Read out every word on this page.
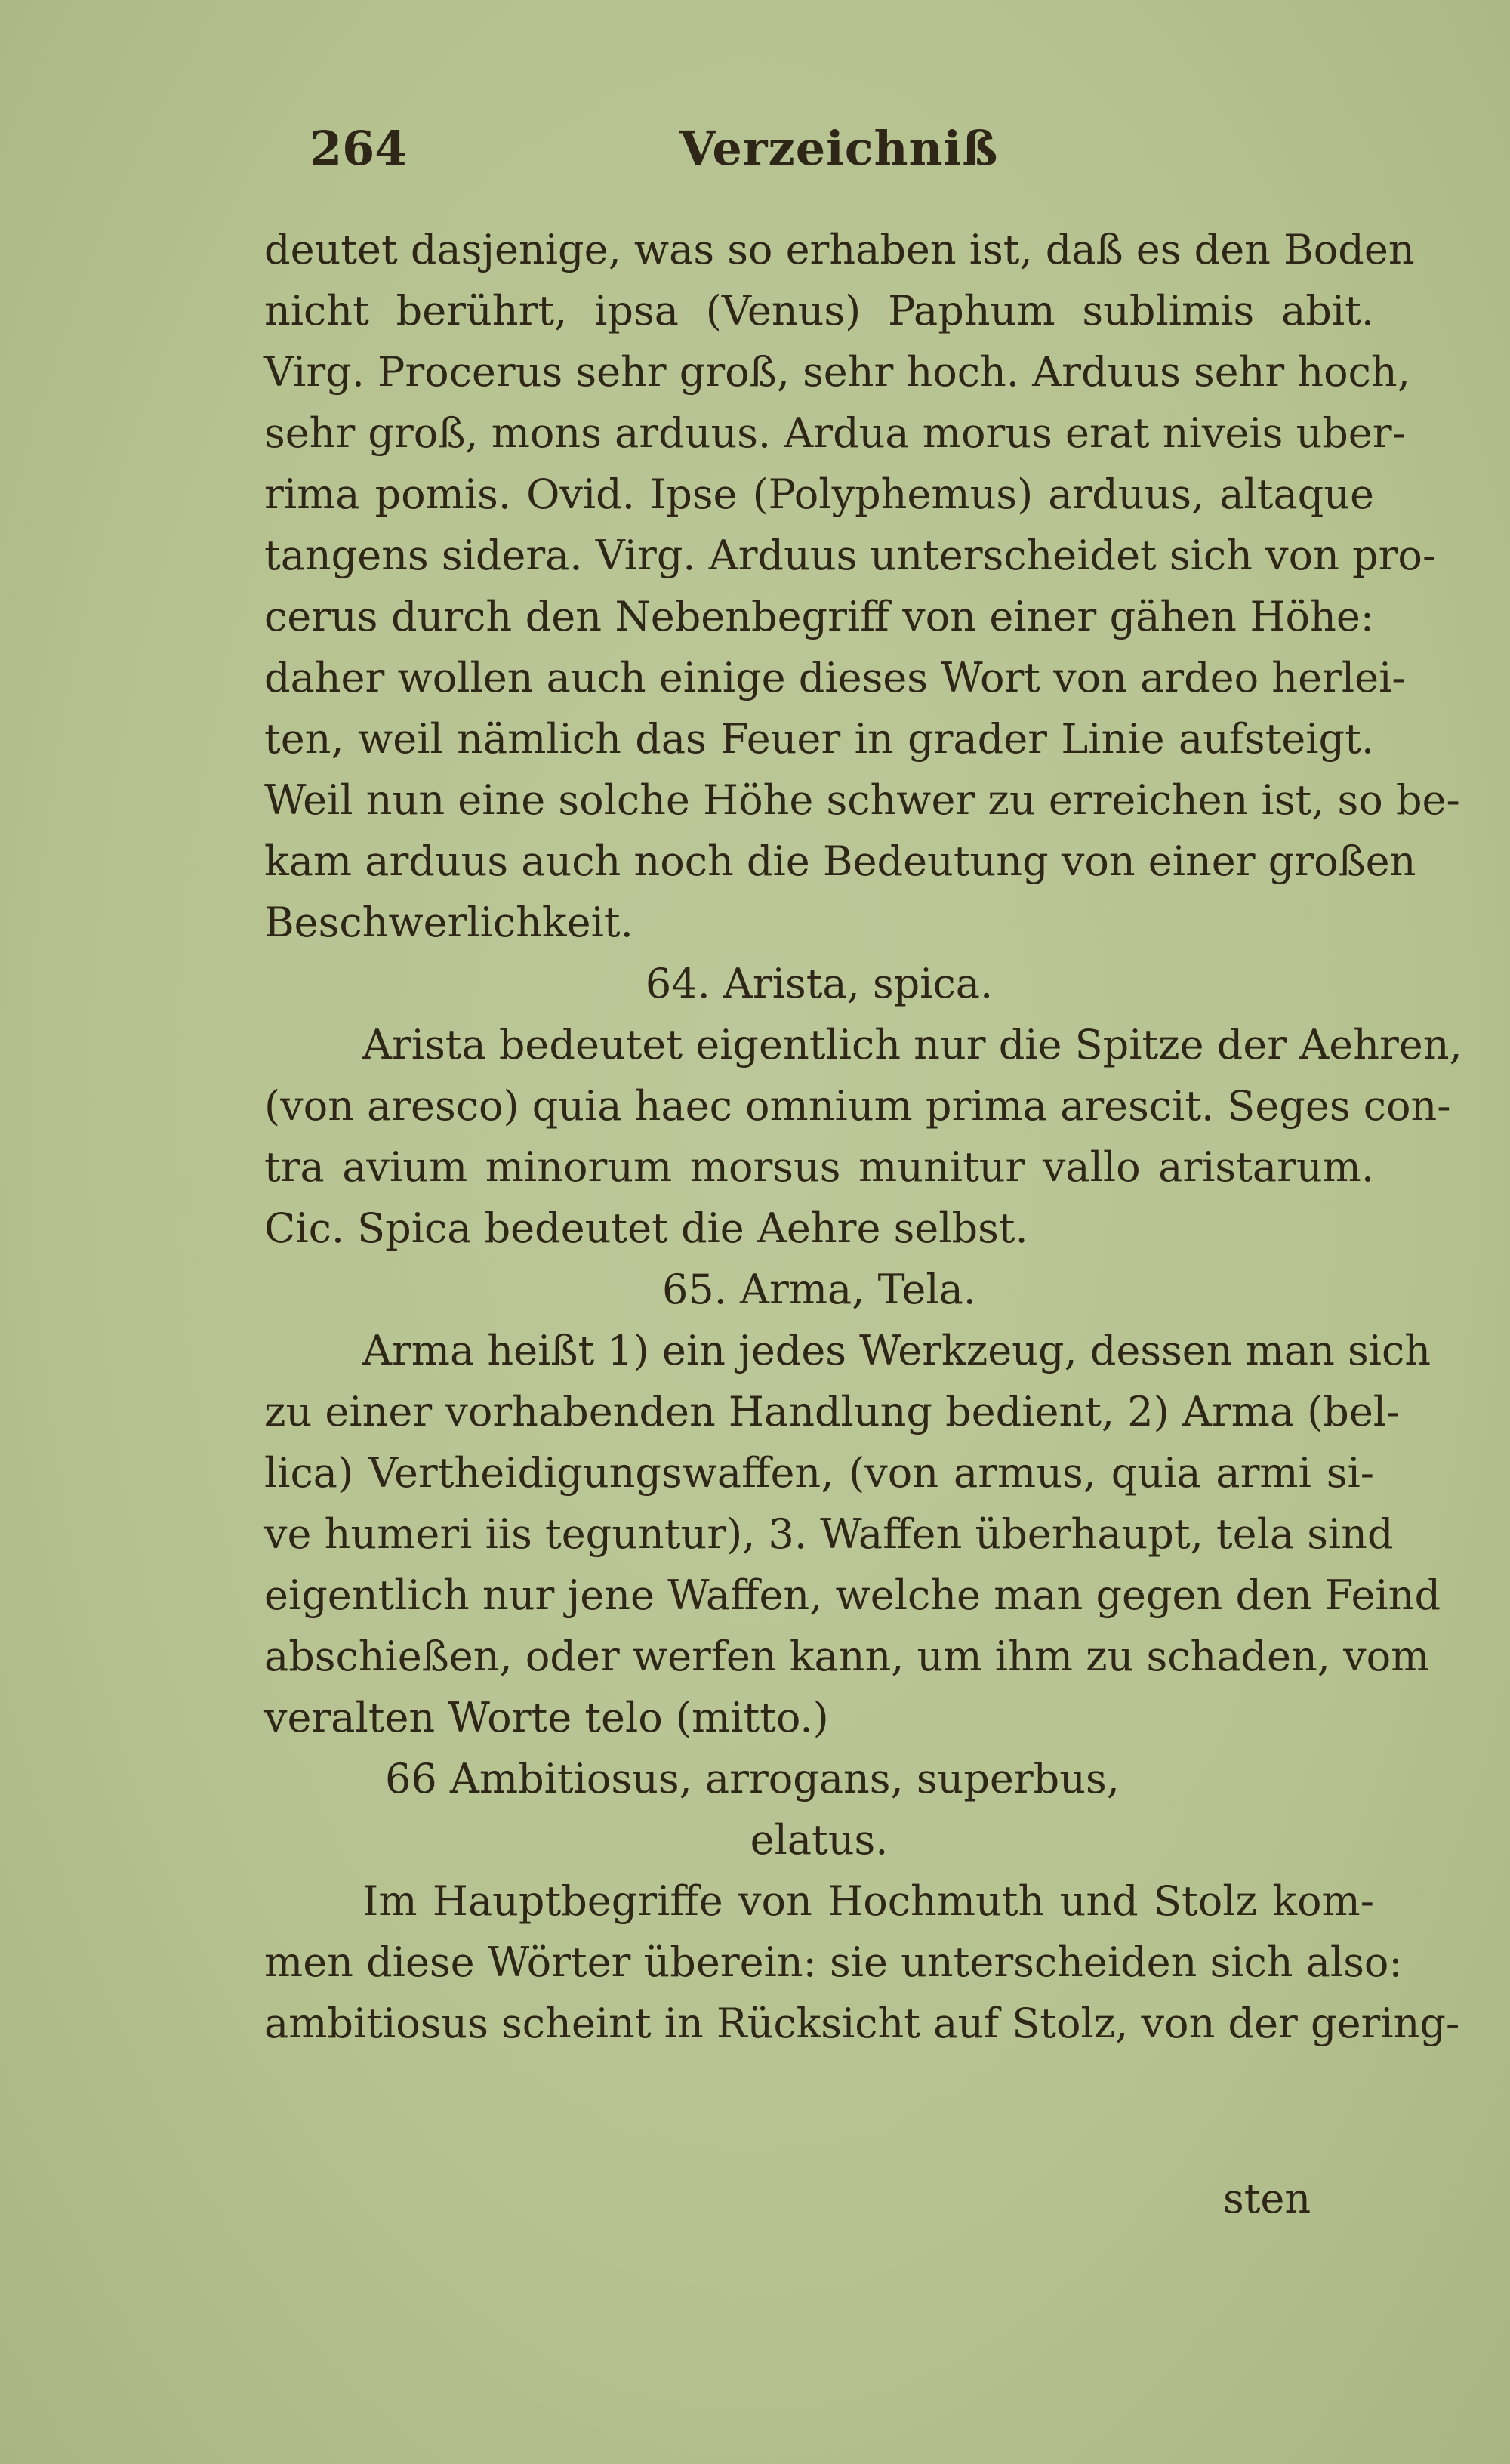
264	Verzeichniß
deutet dasjenige, was so erhaben ist, daß es den Boden
nicht berührt, ipsa (Venus) Paphum sublimis abit.
Virg. Procerus sehr groß, sehr hoch. Arduus sehr hoch,
sehr groß, mons arduus. Ardua morus erat niveis uber-
rima pomis. Ovid. Ipse (Polyphemus) arduus, altaque
tangens sidera. Virg. Arduus unterscheidet sich von pro-
cerus durch den Nebenbegriff von einer gähen Höhe:
daher wollen auch einige dieses Wort von ardeo herlei-
ten, weil nämlich das Feuer in grader Linie aufsteigt.
Weil nun eine solche Höhe schwer zu erreichen ist, so be-
kam arduus auch noch die Bedeutung von einer großen
Beschwerlichkeit.
64. Arista, spica.
Arista bedeutet eigentlich nur die Spitze der Aehren,
(von aresco) quia haec omnium prima arescit. Seges con-
tra avium minorum morsus munitur vallo aristarum.
Cic. Spica bedeutet die Aehre selbst.
65. Arma, Tela.
Arma heißt 1) ein jedes Werkzeug, dessen man sich
zu einer vorhabenden Handlung bedient, 2) Arma (bel-
lica) Vertheidigungswaffen, (von armus, quia armi si-
ve humeri iis teguntur), 3. Waffen überhaupt, tela sind
eigentlich nur jene Waffen, welche man gegen den Feind
abschießen, oder werfen kann, um ihm zu schaden, vom
veralten Worte telo (mitto.)
66 Ambitiosus, arrogans, superbus,
elatus.
Im Hauptbegriffe von Hochmuth und Stolz kom-
men diese Wörter überein: sie unterscheiden sich also:
ambitiosus scheint in Rücksicht auf Stolz, von der gering-
sten
